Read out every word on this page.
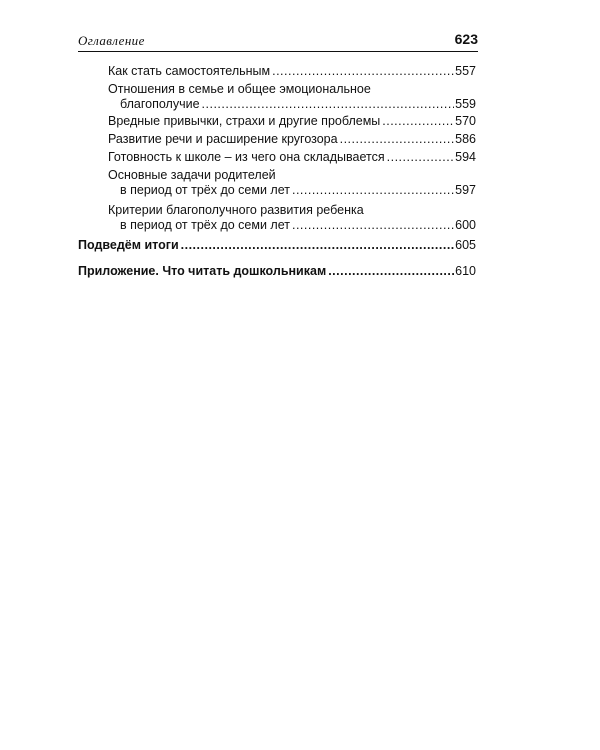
Оглавление	623
Как стать самостоятельным .....	557
Отношения в семье и общее эмоциональное
благополучие .....	559
Вредные привычки, страхи и другие проблемы .....	570
Развитие речи и расширение кругозора .....	586
Готовность к школе – из чего она складывается .....	594
Основные задачи родителей
в период от трёх до семи лет .....	597
Критерии благополучного развития ребенка
в период от трёх до семи лет .....	600
Подведём итоги .....	605
Приложение. Что читать дошкольникам .....	610
